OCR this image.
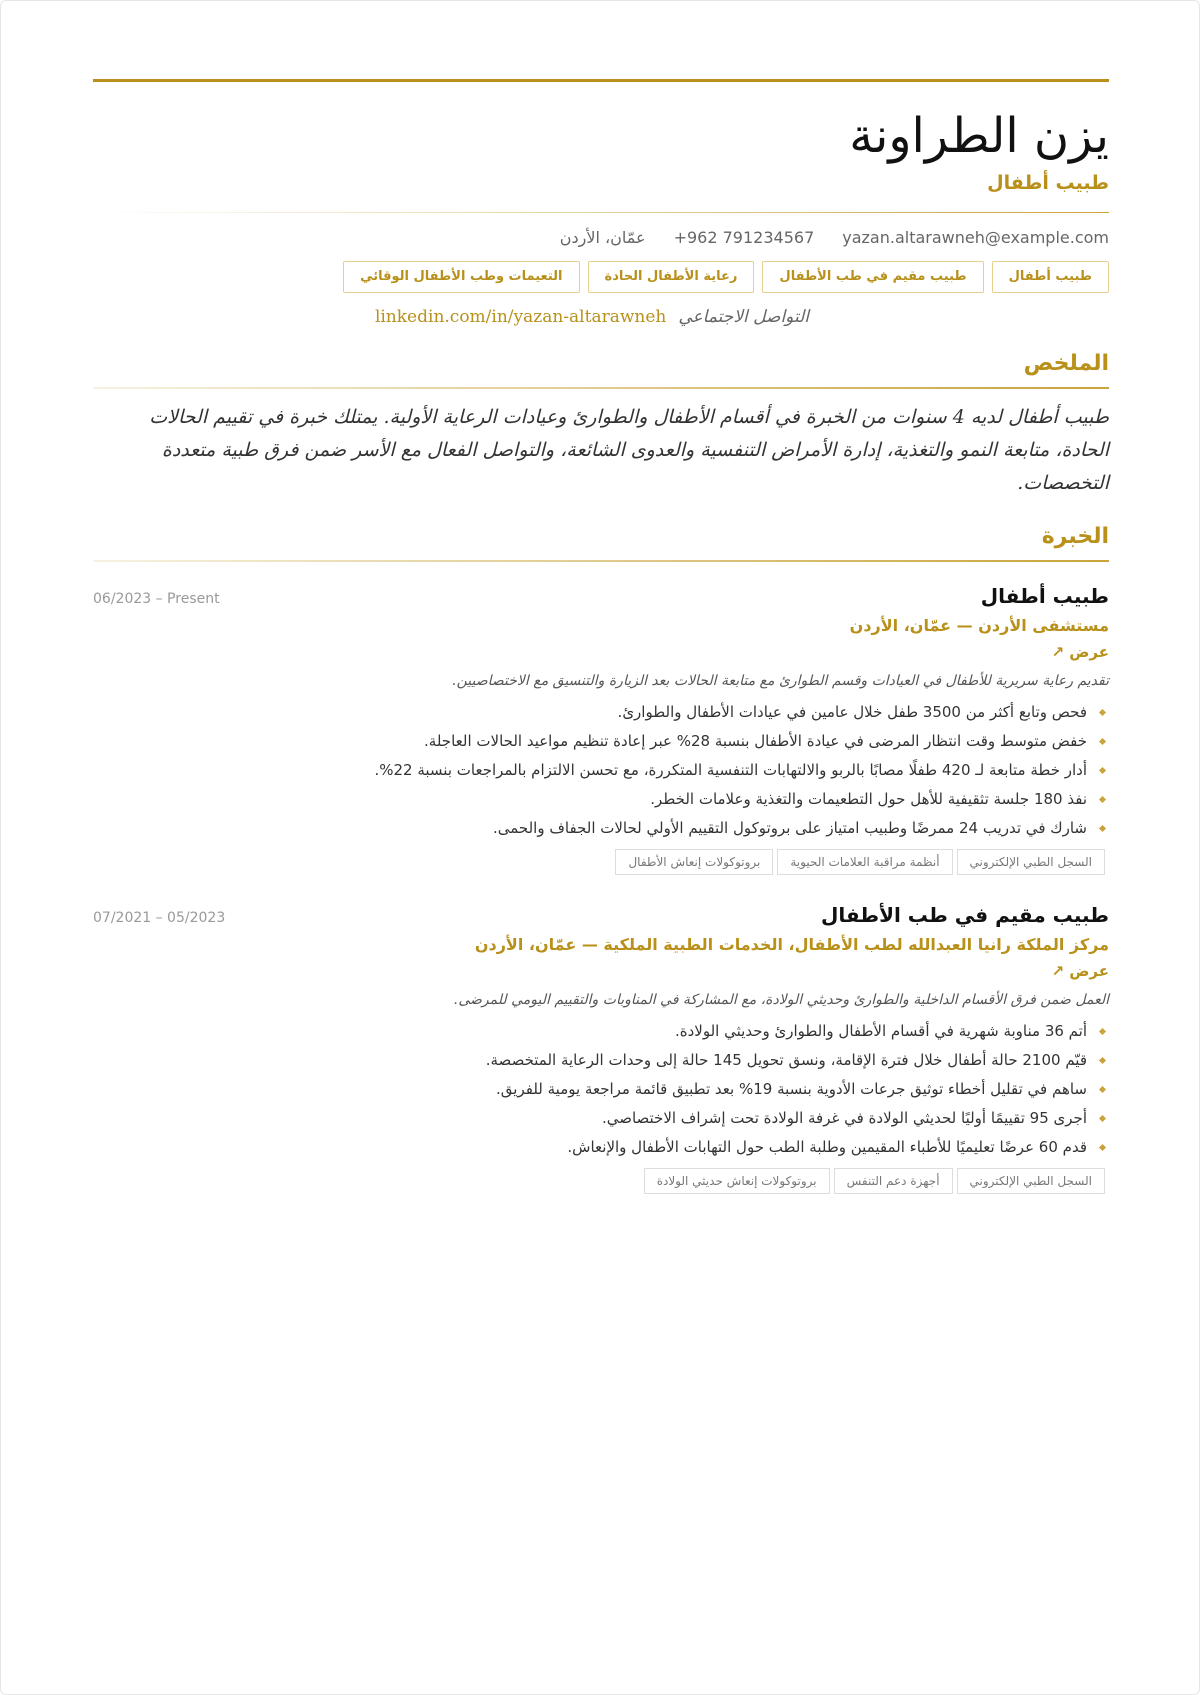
يزن الطراونة
طبيب أطفال
yazan.altarawneh@example.com
+962 791234567
عمّان، الأردن
طبيب أطفال
طبيب مقيم في طب الأطفال
رعاية الأطفال الحادة
التعيمات وطب الأطفال الوقائي
التواصل الاجتماعي
linkedin.com/in/yazan-altarawneh
الملخص
طبيب أطفال لديه 4 سنوات من الخبرة في أقسام الأطفال والطوارئ وعيادات الرعاية الأولية. يمتلك خبرة في تقييم الحالات الحادة، متابعة النمو والتغذية، إدارة الأمراض التنفسية والعدوى الشائعة، والتواصل الفعال مع الأسر ضمن فرق طبية متعددة التخصصات.
الخبرة
طبيب أطفال
06/2023 – Present
مستشفى الأردن — عمّان، الأردن
عرض ↗
تقديم رعاية سريرية للأطفال في العيادات وقسم الطوارئ مع متابعة الحالات بعد الزيارة والتنسيق مع الاختصاصيين.
فحص وتابع أكثر من 3500 طفل خلال عامين في عيادات الأطفال والطوارئ.
خفض متوسط وقت انتظار المرضى في عيادة الأطفال بنسبة 28% عبر إعادة تنظيم مواعيد الحالات العاجلة.
أدار خطة متابعة لـ 420 طفلًا مصابًا بالربو والالتهابات التنفسية المتكررة، مع تحسن الالتزام بالمراجعات بنسبة 22%.
نفذ 180 جلسة تثقيفية للأهل حول التطعيمات والتغذية وعلامات الخطر.
شارك في تدريب 24 ممرضًا وطبيب امتياز على بروتوكول التقييم الأولي لحالات الجفاف والحمى.
السجل الطبي الإلكتروني
أنظمة مراقبة العلامات الحيوية
بروتوكولات إنعاش الأطفال
طبيب مقيم في طب الأطفال
07/2021 – 05/2023
مركز الملكة رانيا العبدالله لطب الأطفال، الخدمات الطبية الملكية — عمّان، الأردن
عرض ↗
العمل ضمن فرق الأقسام الداخلية والطوارئ وحديثي الولادة، مع المشاركة في المناوبات والتقييم اليومي للمرضى.
أتم 36 مناوبة شهرية في أقسام الأطفال والطوارئ وحديثي الولادة.
قيّم 2100 حالة أطفال خلال فترة الإقامة، ونسق تحويل 145 حالة إلى وحدات الرعاية المتخصصة.
ساهم في تقليل أخطاء توثيق جرعات الأدوية بنسبة 19% بعد تطبيق قائمة مراجعة يومية للفريق.
أجرى 95 تقييمًا أوليًا لحديثي الولادة في غرفة الولادة تحت إشراف الاختصاصي.
قدم 60 عرضًا تعليميًا للأطباء المقيمين وطلبة الطب حول التهابات الأطفال والإنعاش.
السجل الطبي الإلكتروني
أجهزة دعم التنفس
بروتوكولات إنعاش حديثي الولادة
